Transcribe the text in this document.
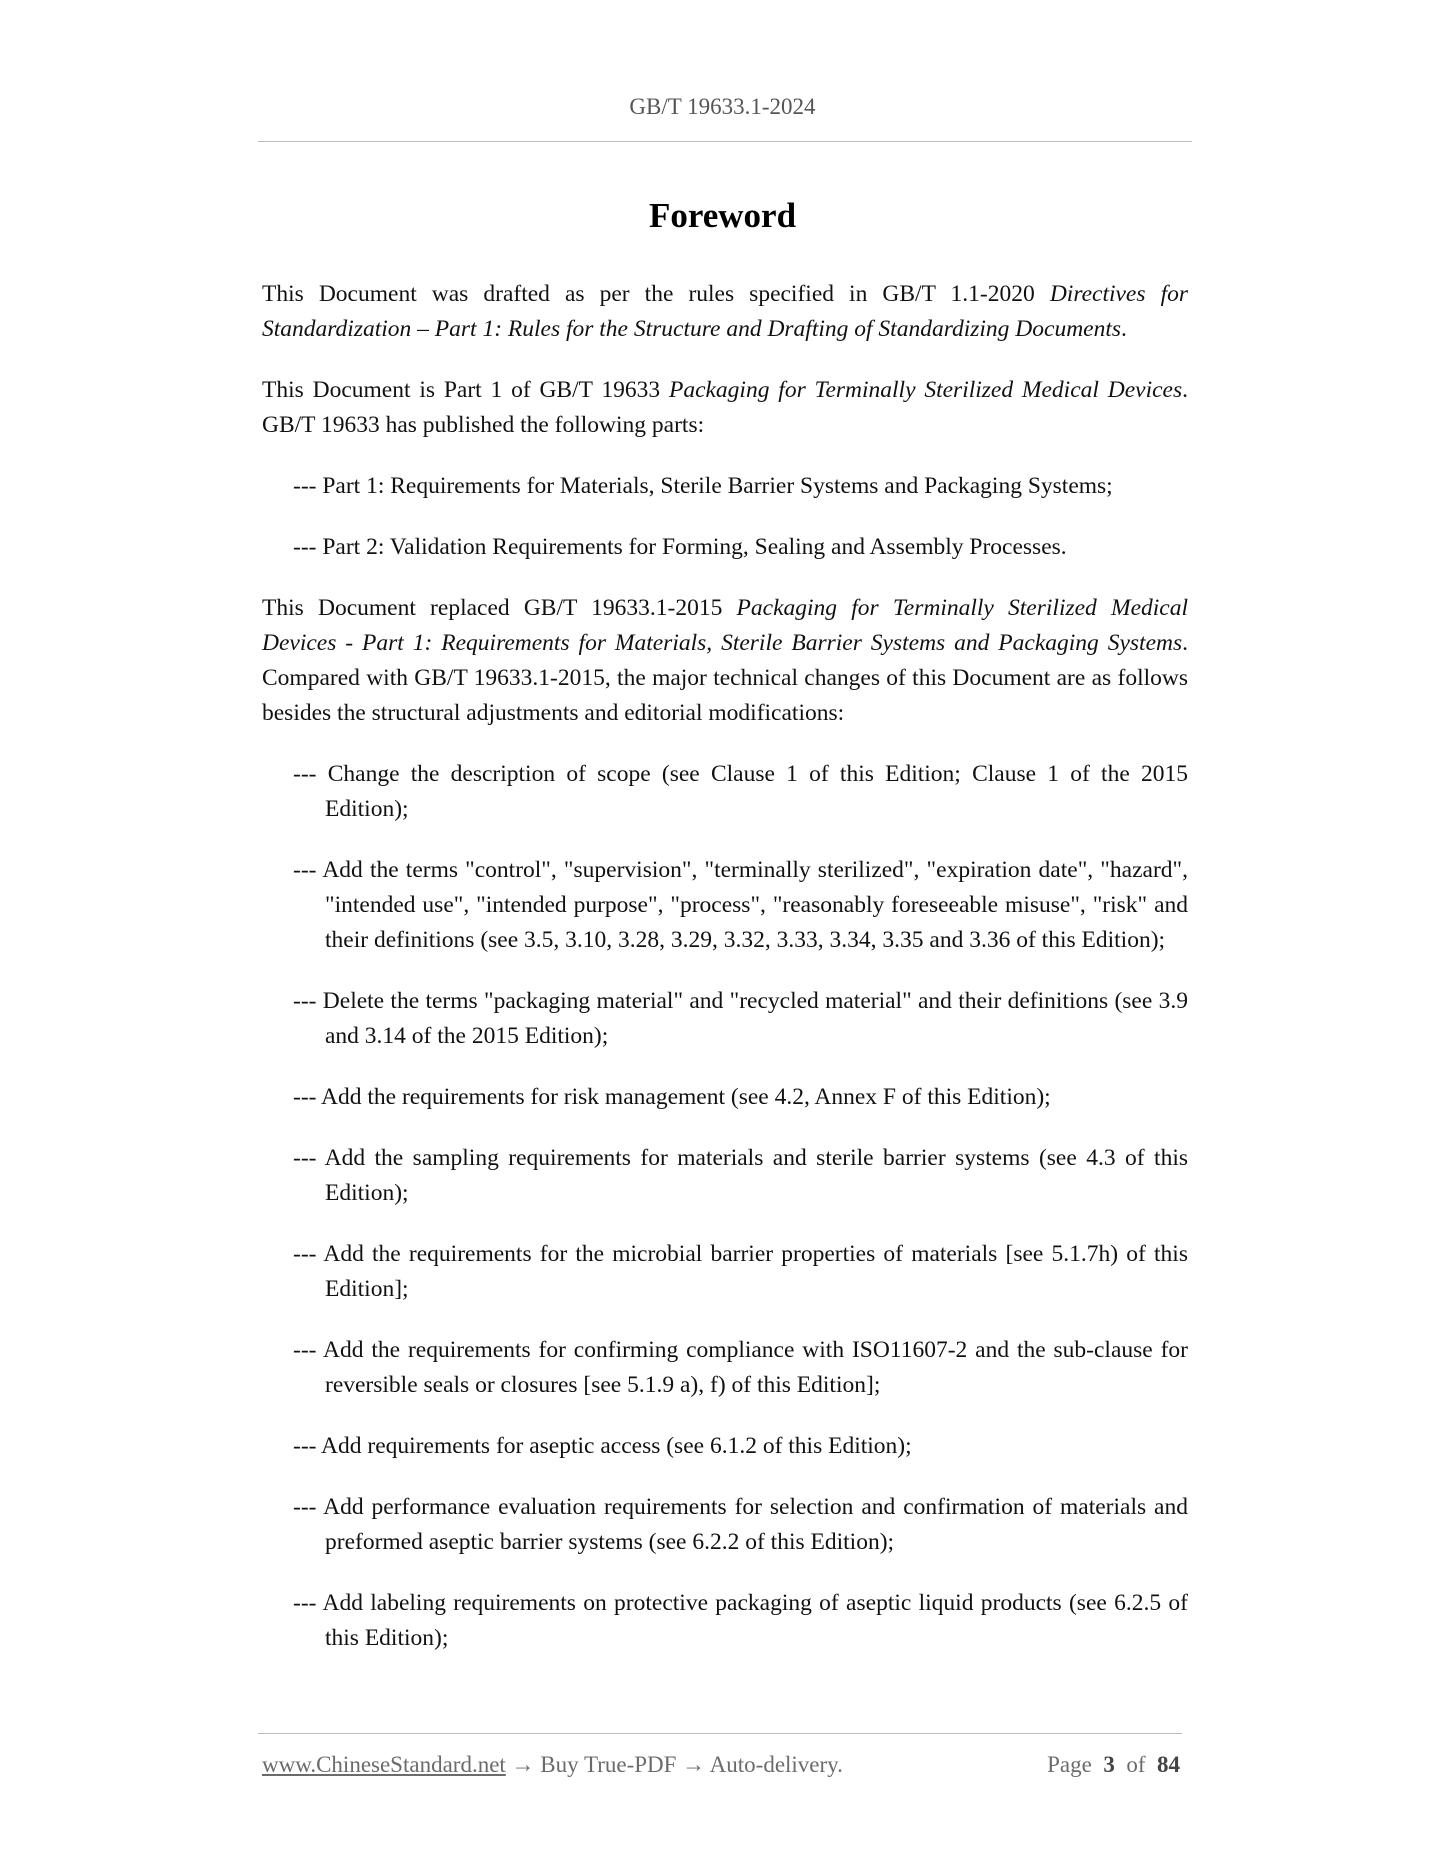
GB/T 19633.1-2024
Foreword

This Document was drafted as per the rules specified in GB/T 1.1-2020 Directives for Standardization – Part 1: Rules for the Structure and Drafting of Standardizing Documents.

This Document is Part 1 of GB/T 19633 Packaging for Terminally Sterilized Medical Devices. GB/T 19633 has published the following parts:

--- Part 1: Requirements for Materials, Sterile Barrier Systems and Packaging Systems;

--- Part 2: Validation Requirements for Forming, Sealing and Assembly Processes.

This Document replaced GB/T 19633.1-2015 Packaging for Terminally Sterilized Medical Devices - Part 1: Requirements for Materials, Sterile Barrier Systems and Packaging Systems. Compared with GB/T 19633.1-2015, the major technical changes of this Document are as follows besides the structural adjustments and editorial modifications:

--- Change the description of scope (see Clause 1 of this Edition; Clause 1 of the 2015 Edition);

--- Add the terms "control", "supervision", "terminally sterilized", "expiration date", "hazard", "intended use", "intended purpose", "process", "reasonably foreseeable misuse", "risk" and their definitions (see 3.5, 3.10, 3.28, 3.29, 3.32, 3.33, 3.34, 3.35 and 3.36 of this Edition);

--- Delete the terms "packaging material" and "recycled material" and their definitions (see 3.9 and 3.14 of the 2015 Edition);

--- Add the requirements for risk management (see 4.2, Annex F of this Edition);

--- Add the sampling requirements for materials and sterile barrier systems (see 4.3 of this Edition);

--- Add the requirements for the microbial barrier properties of materials [see 5.1.7h) of this Edition];

--- Add the requirements for confirming compliance with ISO11607-2 and the sub-clause for reversible seals or closures [see 5.1.9 a), f) of this Edition];

--- Add requirements for aseptic access (see 6.1.2 of this Edition);

--- Add performance evaluation requirements for selection and confirmation of materials and preformed aseptic barrier systems (see 6.2.2 of this Edition);

--- Add labeling requirements on protective packaging of aseptic liquid products (see 6.2.5 of this Edition);

www.ChineseStandard.net → Buy True-PDF → Auto-delivery.	Page 3 of 84
